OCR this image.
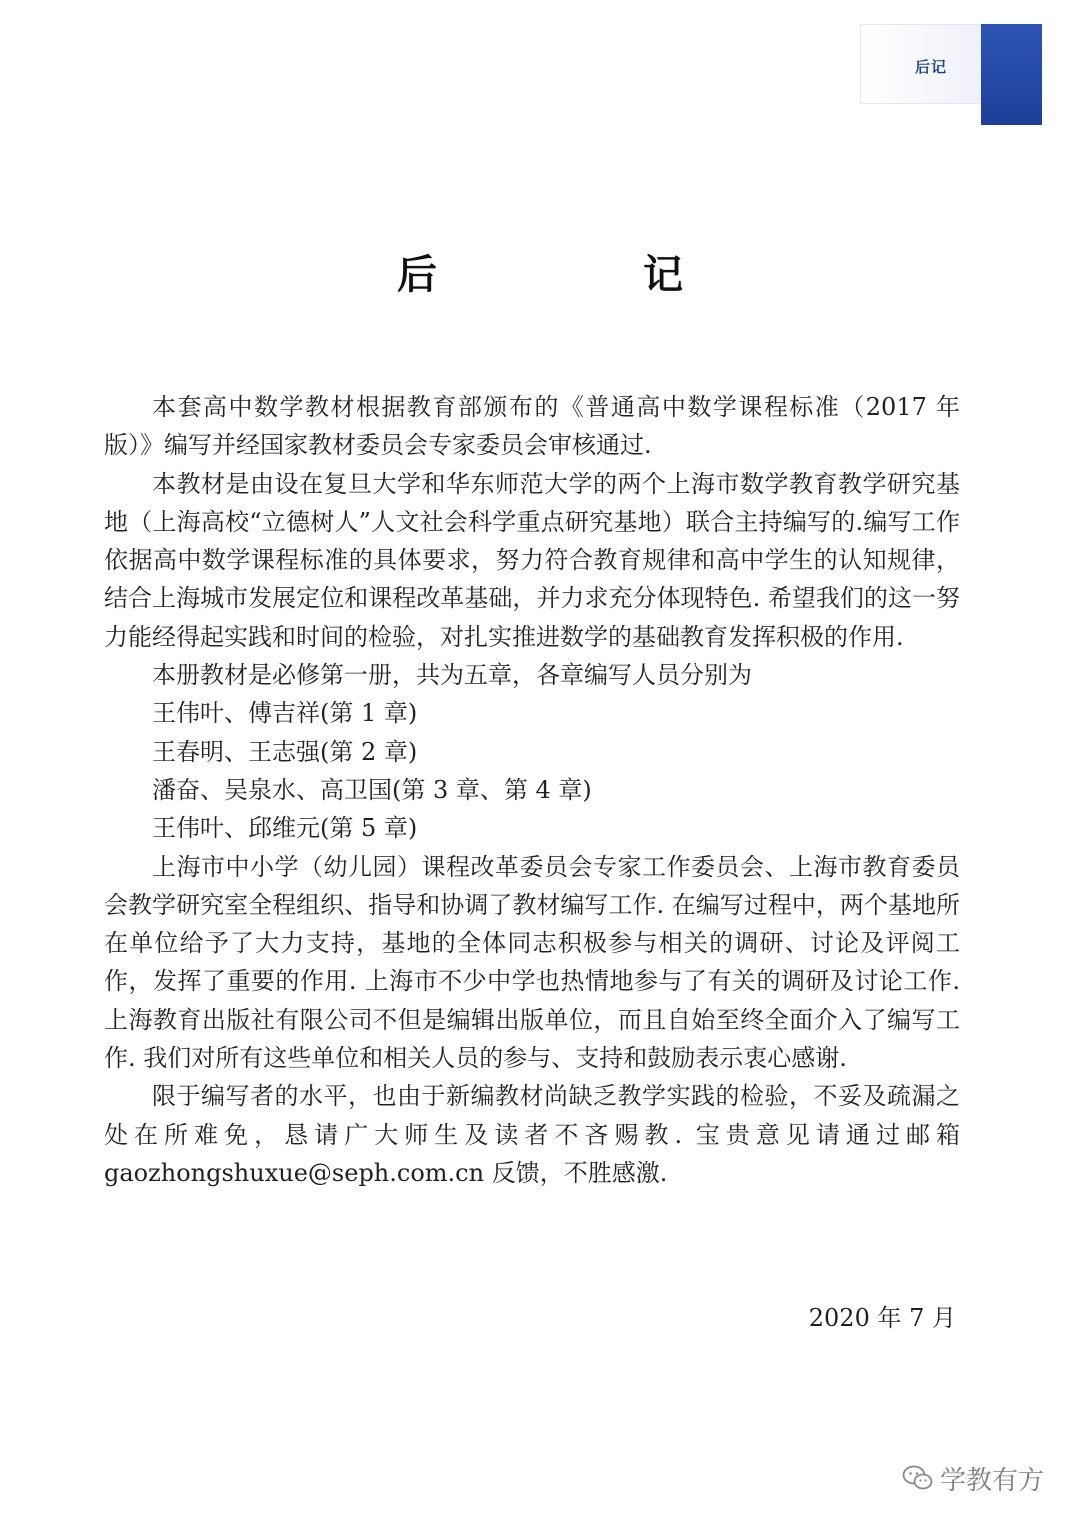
后记
后 记

本套高中数学教材根据教育部颁布的《普通高中数学课程标准（2017 年版）》编写并经国家教材委员会专家委员会审核通过.

本教材是由设在复旦大学和华东师范大学的两个上海市数学教育教学研究基地（上海高校“立德树人”人文社会科学重点研究基地）联合主持编写的.编写工作依据高中数学课程标准的具体要求，努力符合教育规律和高中学生的认知规律，结合上海城市发展定位和课程改革基础，并力求充分体现特色. 希望我们的这一努力能经得起实践和时间的检验，对扎实推进数学的基础教育发挥积极的作用.

本册教材是必修第一册，共为五章，各章编写人员分别为

王伟叶、傅吉祥(第 1 章)
王春明、王志强(第 2 章)
潘奋、吴泉水、高卫国(第 3 章、第 4 章)
王伟叶、邱维元(第 5 章)

上海市中小学（幼儿园）课程改革委员会专家工作委员会、上海市教育委员会教学研究室全程组织、指导和协调了教材编写工作. 在编写过程中，两个基地所在单位给予了大力支持，基地的全体同志积极参与相关的调研、讨论及评阅工作，发挥了重要的作用. 上海市不少中学也热情地参与了有关的调研及讨论工作. 上海教育出版社有限公司不但是编辑出版单位，而且自始至终全面介入了编写工作. 我们对所有这些单位和相关人员的参与、支持和鼓励表示衷心感谢.

限于编写者的水平，也由于新编教材尚缺乏教学实践的检验，不妥及疏漏之处在所难免，恳请广大师生及读者不吝赐教. 宝贵意见请通过邮箱gaozhongshuxue@seph.com.cn 反馈，不胜感激.

2020 年 7 月
学教有方
